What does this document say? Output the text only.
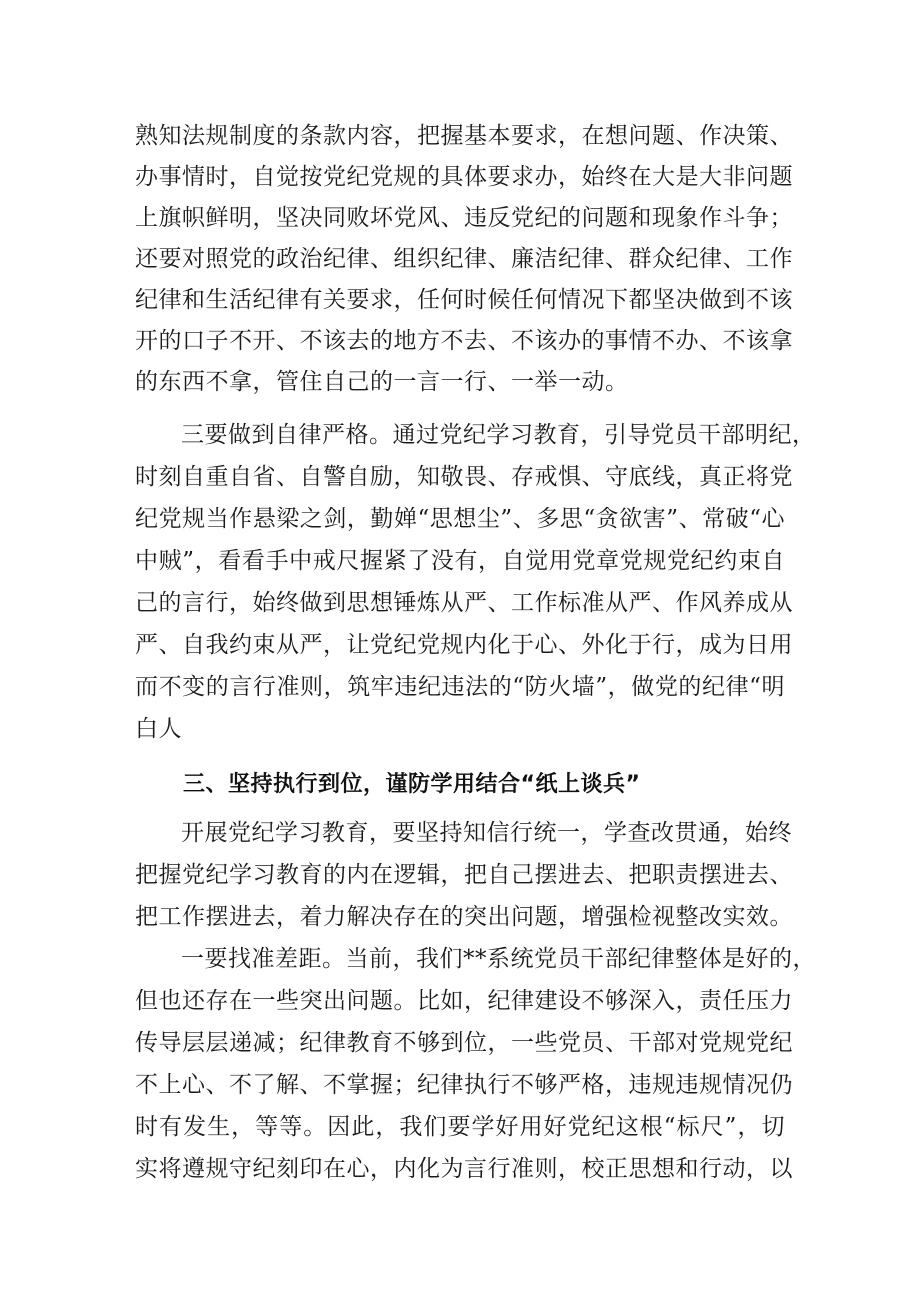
熟知法规制度的条款内容，把握基本要求，在想问题、作决策、
办事情时，自觉按党纪党规的具体要求办，始终在大是大非问题
上旗帜鲜明，坚决同败坏党风、违反党纪的问题和现象作斗争；
还要对照党的政治纪律、组织纪律、廉洁纪律、群众纪律、工作
纪律和生活纪律有关要求，任何时候任何情况下都坚决做到不该
开的口子不开、不该去的地方不去、不该办的事情不办、不该拿
的东西不拿，管住自己的一言一行、一举一动。
三要做到自律严格。通过党纪学习教育，引导党员干部明纪，
时刻自重自省、自警自励，知敬畏、存戒惧、守底线，真正将党
纪党规当作悬梁之剑，勤婵“思想尘”、多思“贪欲害”、常破“心
中贼”，看看手中戒尺握紧了没有，自觉用党章党规党纪约束自
己的言行，始终做到思想锤炼从严、工作标准从严、作风养成从
严、自我约束从严，让党纪党规内化于心、外化于行，成为日用
而不变的言行准则，筑牢违纪违法的“防火墙”，做党的纪律“明
白人
三、坚持执行到位，谨防学用结合“纸上谈兵”
开展党纪学习教育，要坚持知信行统一，学查改贯通，始终
把握党纪学习教育的内在逻辑，把自己摆进去、把职责摆进去、
把工作摆进去，着力解决存在的突出问题，增强检视整改实效。
一要找准差距。当前，我们**系统党员干部纪律整体是好的，
但也还存在一些突出问题。比如，纪律建设不够深入，责任压力
传导层层递减；纪律教育不够到位，一些党员、干部对党规党纪
不上心、不了解、不掌握；纪律执行不够严格，违规违规情况仍
时有发生，等等。因此，我们要学好用好党纪这根“标尺”，切
实将遵规守纪刻印在心，内化为言行准则，校正思想和行动，以
